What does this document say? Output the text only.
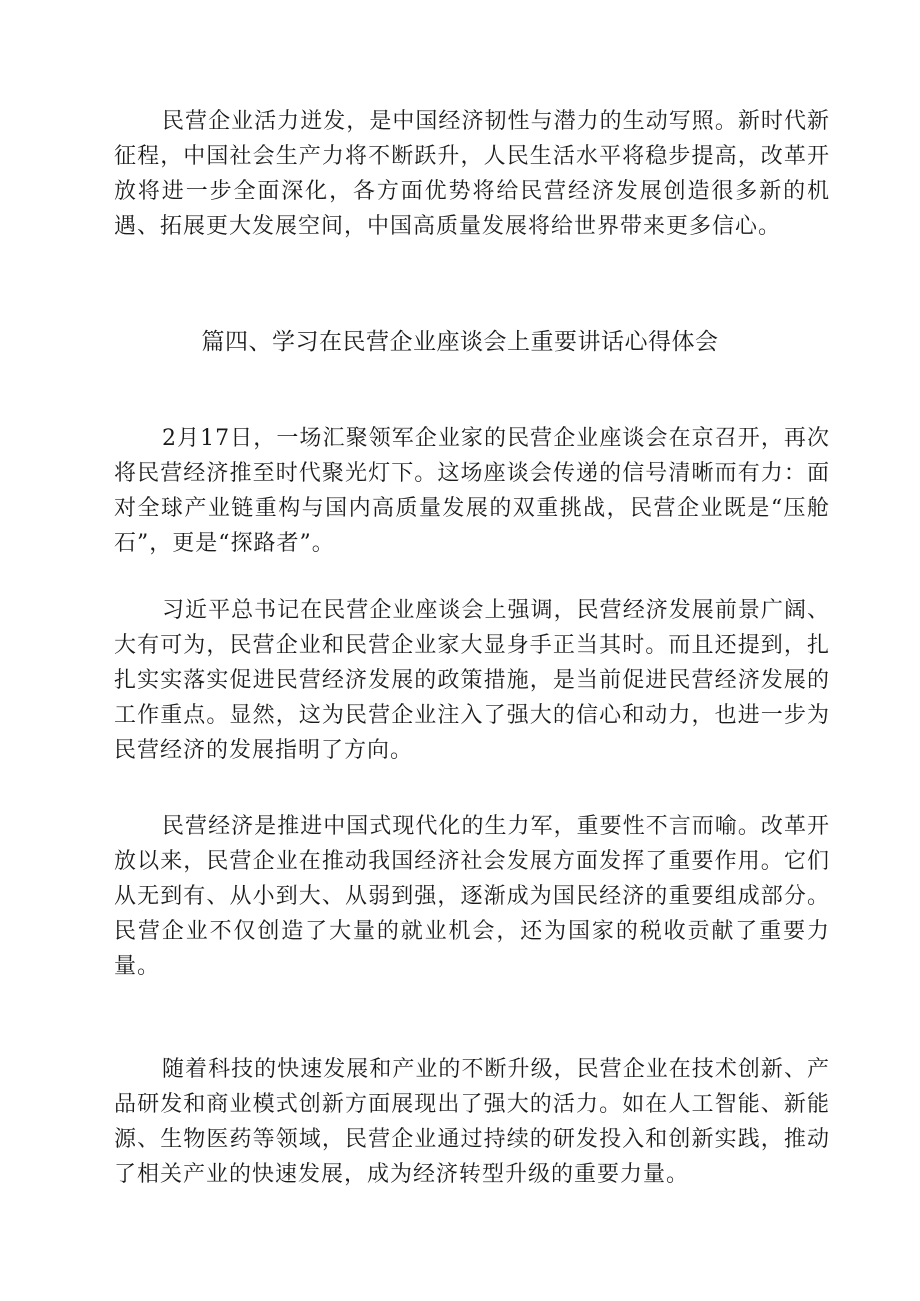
民营企业活力迸发，是中国经济韧性与潜力的生动写照。新时代新征程，中国社会生产力将不断跃升，人民生活水平将稳步提高，改革开放将进一步全面深化，各方面优势将给民营经济发展创造很多新的机遇、拓展更大发展空间，中国高质量发展将给世界带来更多信心。

篇四、学习在民营企业座谈会上重要讲话心得体会

2月17日，一场汇聚领军企业家的民营企业座谈会在京召开，再次将民营经济推至时代聚光灯下。这场座谈会传递的信号清晰而有力：面对全球产业链重构与国内高质量发展的双重挑战，民营企业既是“压舱石”，更是“探路者”。

习近平总书记在民营企业座谈会上强调，民营经济发展前景广阔、大有可为，民营企业和民营企业家大显身手正当其时。而且还提到，扎扎实实落实促进民营经济发展的政策措施，是当前促进民营经济发展的工作重点。显然，这为民营企业注入了强大的信心和动力，也进一步为民营经济的发展指明了方向。

民营经济是推进中国式现代化的生力军，重要性不言而喻。改革开放以来，民营企业在推动我国经济社会发展方面发挥了重要作用。它们从无到有、从小到大、从弱到强，逐渐成为国民经济的重要组成部分。民营企业不仅创造了大量的就业机会，还为国家的税收贡献了重要力量。

随着科技的快速发展和产业的不断升级，民营企业在技术创新、产品研发和商业模式创新方面展现出了强大的活力。如在人工智能、新能源、生物医药等领域，民营企业通过持续的研发投入和创新实践，推动了相关产业的快速发展，成为经济转型升级的重要力量。
